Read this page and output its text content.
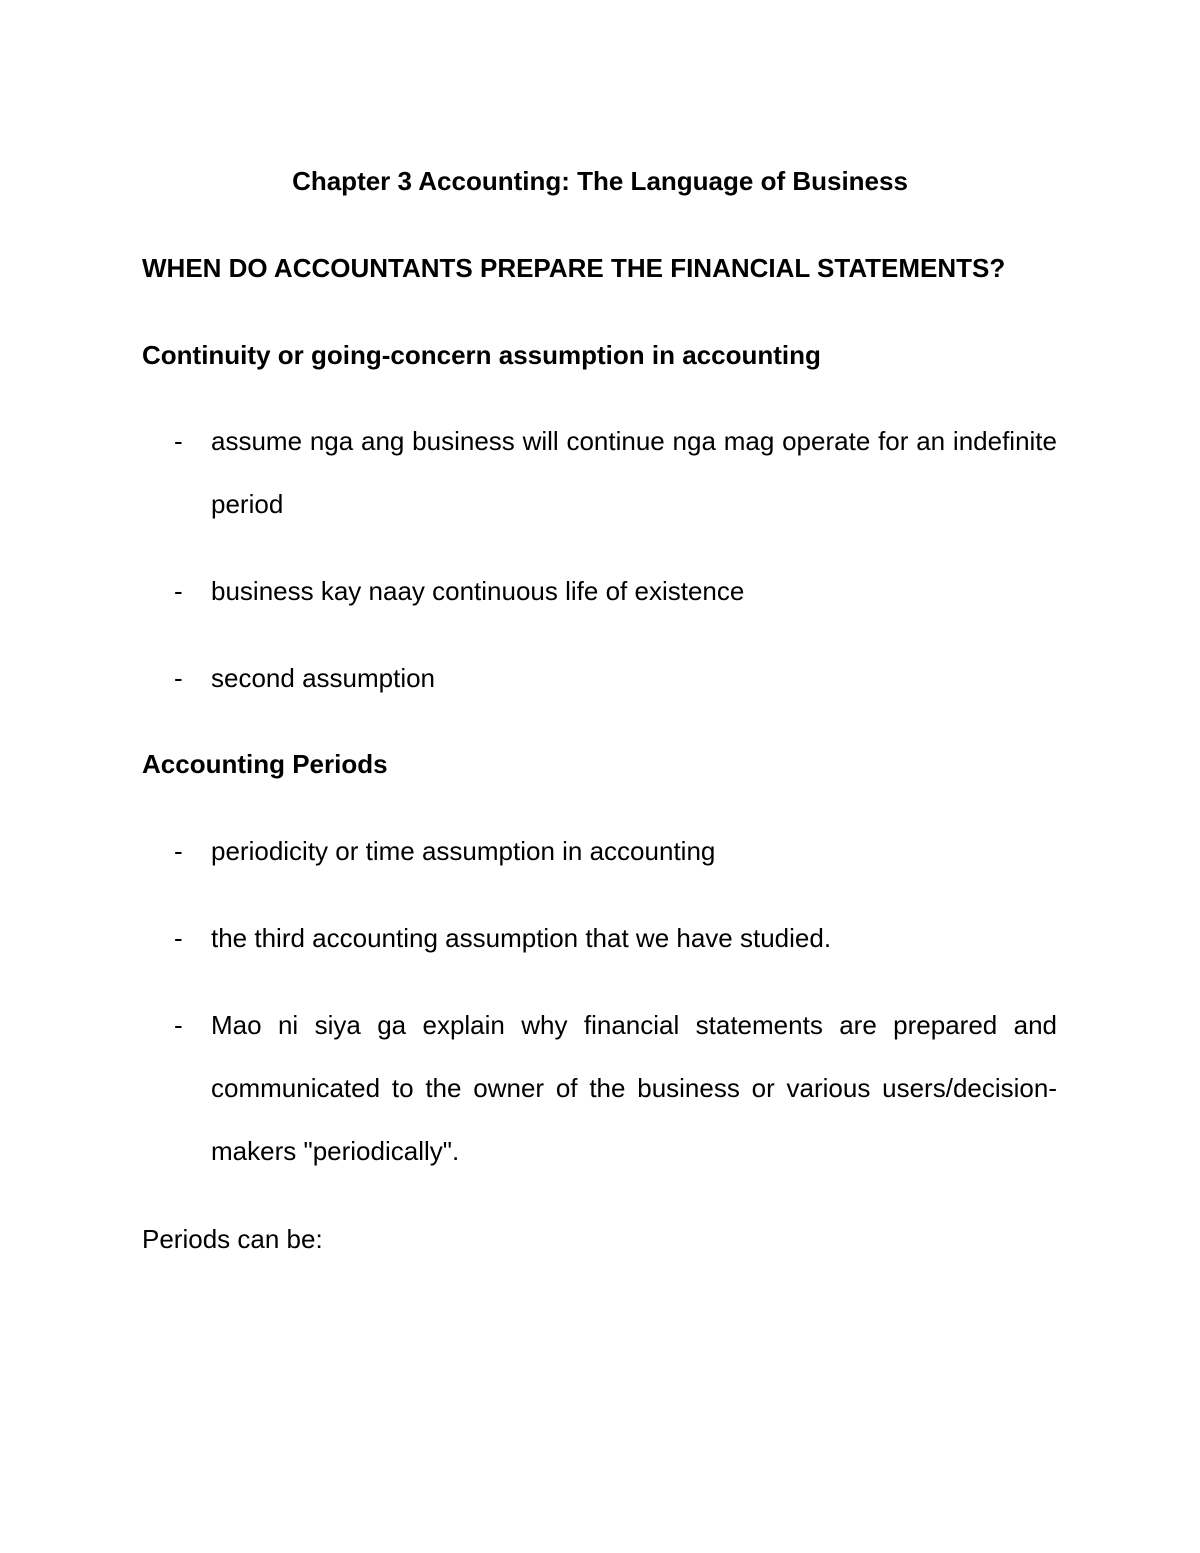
Chapter 3 Accounting: The Language of Business
WHEN DO ACCOUNTANTS PREPARE THE FINANCIAL STATEMENTS?
Continuity or going-concern assumption in accounting
- assume nga ang business will continue nga mag operate for an indefinite period

- business kay naay continuous life of existence

- second assumption

Accounting Periods
- periodicity or time assumption in accounting

- the third accounting assumption that we have studied.

- Mao ni siya ga explain why financial statements are prepared and communicated to the owner of the business or various users/decision-makers "periodically".

Periods can be:
